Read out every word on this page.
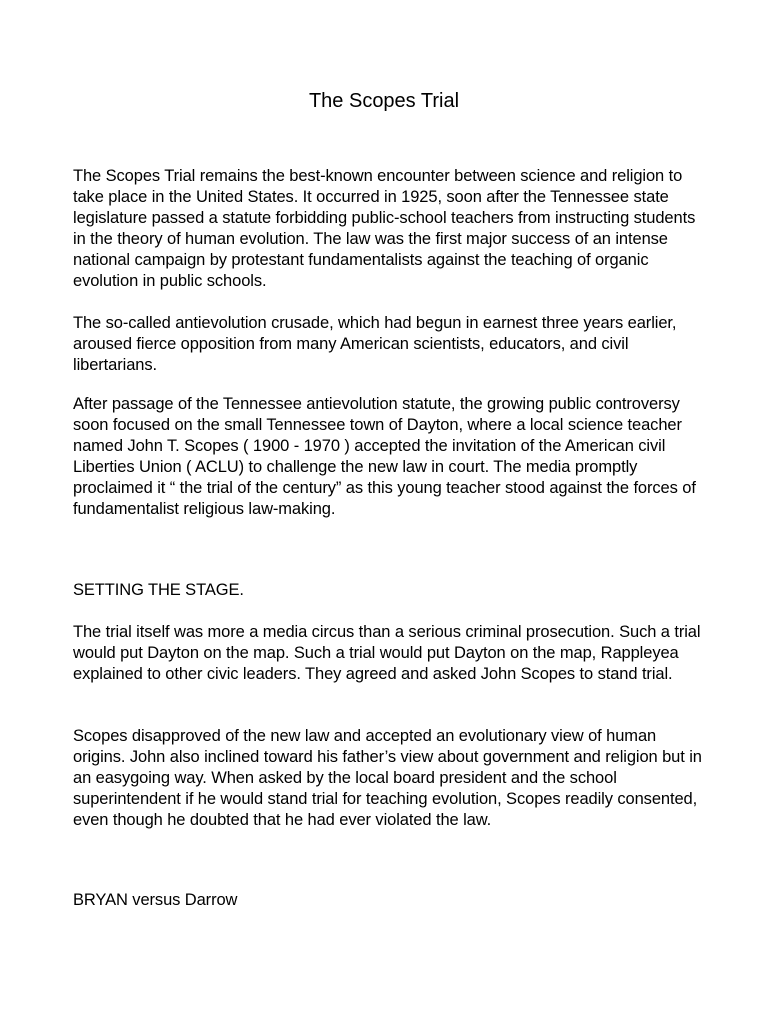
The Scopes Trial

The Scopes Trial remains the best-known encounter between science and religion to take place in the United States. It occurred in 1925, soon after the Tennessee state legislature passed a statute forbidding public-school teachers from instructing students in the theory of human evolution. The law was the first major success of an intense national campaign by protestant fundamentalists against the teaching of organic evolution in public schools.

The so-called antievolution crusade, which had begun in earnest three years earlier, aroused fierce opposition from many American scientists, educators, and civil libertarians.

After passage of the Tennessee antievolution statute, the growing public controversy soon focused on the small Tennessee town of Dayton, where a local science teacher named John T. Scopes ( 1900 - 1970 ) accepted the invitation of the American civil Liberties Union ( ACLU) to challenge the new law in court. The media promptly proclaimed it “ the trial of the century” as this young teacher stood against the forces of fundamentalist religious law-making.

SETTING THE STAGE.

The trial itself was more a media circus than a serious criminal prosecution. Such a trial would put Dayton on the map. Such a trial would put Dayton on the map, Rappleyea explained to other civic leaders. They agreed and asked John Scopes to stand trial.

Scopes disapproved of the new law and accepted an evolutionary view of human origins. John also inclined toward his father’s view about government and religion but in an easygoing way. When asked by the local board president and the school superintendent if he would stand trial for teaching evolution, Scopes readily consented, even though he doubted that he had ever violated the law.

BRYAN versus Darrow
